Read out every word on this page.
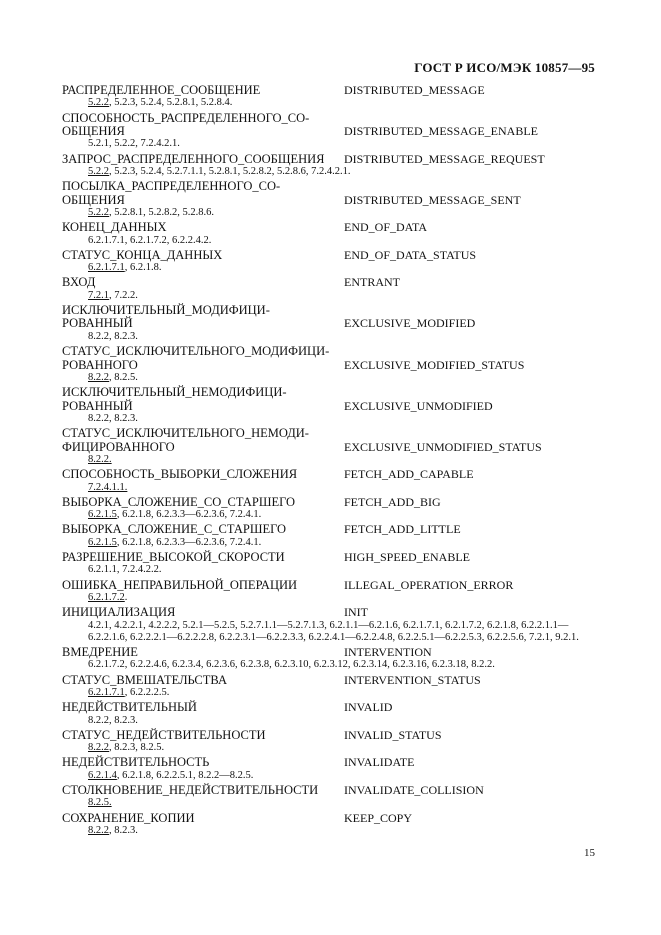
ГОСТ Р ИСО/МЭК 10857—95
РАСПРЕДЕЛЕННОЕ_СООБЩЕНИЕ	DISTRIBUTED_MESSAGE
5.2.2, 5.2.3, 5.2.4, 5.2.8.1, 5.2.8.4.
СПОСОБНОСТЬ_РАСПРЕДЕЛЕННОГО_СО-
ОБЩЕНИЯ	DISTRIBUTED_MESSAGE_ENABLE
5.2.1, 5.2.2, 7.2.4.2.1.
ЗАПРОС_РАСПРЕДЕЛЕННОГО_СООБЩЕНИЯ	DISTRIBUTED_MESSAGE_REQUEST
5.2.2, 5.2.3, 5.2.4, 5.2.7.1.1, 5.2.8.1, 5.2.8.2, 5.2.8.6, 7.2.4.2.1.
ПОСЫЛКА_РАСПРЕДЕЛЕННОГО_СО-
ОБЩЕНИЯ	DISTRIBUTED_MESSAGE_SENT
5.2.2, 5.2.8.1, 5.2.8.2, 5.2.8.6.
КОНЕЦ_ДАННЫХ	END_OF_DATA
6.2.1.7.1, 6.2.1.7.2, 6.2.2.4.2.
СТАТУС_КОНЦА_ДАННЫХ	END_OF_DATA_STATUS
6.2.1.7.1, 6.2.1.8.
ВХОД	ENTRANT
7.2.1, 7.2.2.
ИСКЛЮЧИТЕЛЬНЫЙ_МОДИФИЦИ-
РОВАННЫЙ	EXCLUSIVE_MODIFIED
8.2.2, 8.2.3.
СТАТУС_ИСКЛЮЧИТЕЛЬНОГО_МОДИФИЦИ-
РОВАННОГО	EXCLUSIVE_MODIFIED_STATUS
8.2.2, 8.2.5.
ИСКЛЮЧИТЕЛЬНЫЙ_НЕМОДИФИЦИ-
РОВАННЫЙ	EXCLUSIVE_UNMODIFIED
8.2.2, 8.2.3.
СТАТУС_ИСКЛЮЧИТЕЛЬНОГО_НЕМОДИ-
ФИЦИРОВАННОГО	EXCLUSIVE_UNMODIFIED_STATUS
8.2.2.
СПОСОБНОСТЬ_ВЫБОРКИ_СЛОЖЕНИЯ	FETCH_ADD_CAPABLE
7.2.4.1.1.
ВЫБОРКА_СЛОЖЕНИЕ_СО_СТАРШЕГО	FETCH_ADD_BIG
6.2.1.5, 6.2.1.8, 6.2.3.3—6.2.3.6, 7.2.4.1.
ВЫБОРКА_СЛОЖЕНИЕ_С_СТАРШЕГО	FETCH_ADD_LITTLE
6.2.1.5, 6.2.1.8, 6.2.3.3—6.2.3.6, 7.2.4.1.
РАЗРЕШЕНИЕ_ВЫСОКОЙ_СКОРОСТИ	HIGH_SPEED_ENABLE
6.2.1.1, 7.2.4.2.2.
ОШИБКА_НЕПРАВИЛЬНОЙ_ОПЕРАЦИИ	ILLEGAL_OPERATION_ERROR
6.2.1.7.2.
ИНИЦИАЛИЗАЦИЯ	INIT
4.2.1, 4.2.2.1, 4.2.2.2, 5.2.1—5.2.5, 5.2.7.1.1—5.2.7.1.3, 6.2.1.1—6.2.1.6, 6.2.1.7.1, 6.2.1.7.2, 6.2.1.8, 6.2.2.1.1—6.2.2.1.6, 6.2.2.2.1—6.2.2.2.8, 6.2.2.3.1—6.2.2.3.3, 6.2.2.4.1—6.2.2.4.8, 6.2.2.5.1—6.2.2.5.3, 6.2.2.5.6, 7.2.1, 9.2.1.
ВМЕДРЕНИЕ	INTERVENTION
6.2.1.7.2, 6.2.2.4.6, 6.2.3.4, 6.2.3.6, 6.2.3.8, 6.2.3.10, 6.2.3.12, 6.2.3.14, 6.2.3.16, 6.2.3.18, 8.2.2.
СТАТУС_ВМЕШАТЕЛЬСТВА	INTERVENTION_STATUS
6.2.1.7.1, 6.2.2.2.5.
НЕДЕЙСТВИТЕЛЬНЫЙ	INVALID
8.2.2, 8.2.3.
СТАТУС_НЕДЕЙСТВИТЕЛЬНОСТИ	INVALID_STATUS
8.2.2, 8.2.3, 8.2.5.
НЕДЕЙСТВИТЕЛЬНОСТЬ	INVALIDATE
6.2.1.4, 6.2.1.8, 6.2.2.5.1, 8.2.2—8.2.5.
СТОЛКНОВЕНИЕ_НЕДЕЙСТВИТЕЛЬНОСТИ	INVALIDATE_COLLISION
8.2.5.
СОХРАНЕНИЕ_КОПИИ	KEEP_COPY
8.2.2, 8.2.3.
15
